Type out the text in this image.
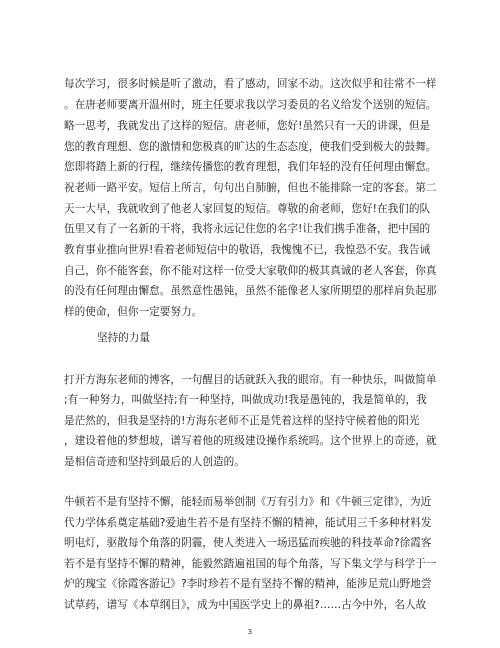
每次学习，很多时候是听了激动，看了感动，回家不动。这次似乎和往常不一样
。在唐老师要离开温州时，班主任要求我以学习委员的名义给发个送别的短信。
略一思考，我就发出了这样的短信。唐老师，您好!虽然只有一天的讲课，但是
您的教育理想、您的激情和您极真的旷达的生态态度，使我们受到极大的鼓舞。
您即将踏上新的行程，继续传播您的教育理想，我们年轻的没有任何理由懈怠。
祝老师一路平安。短信上所言，句句出自肺腑，但也不能排除一定的客套。第二
天一大早，我就收到了他老人家回复的短信。尊敬的俞老师，您好!在我们的队
伍里又有了一名新的干将，我将永远记住您的名字!让我们携手准备，把中国的
教育事业推向世界!看着老师短信中的敬语，我愧愧不已，我惶恐不安。我告诫
自己，你不能客套，你不能对这样一位受大家敬仰的极其真诚的老人客套，你真
的没有任何理由懈怠。虽然意性愚钝，虽然不能像老人家所期望的那样肩负起那
样的使命，但你一定要努力。
坚持的力量
打开方海东老师的博客，一句醒目的话就跃入我的眼帘。有一种快乐，叫做简单
;有一种努力，叫做坚持;有一种坚持，叫做成功!我是愚钝的，我是简单的，我
是茫然的，但我是坚持的!方海东老师不正是凭着这样的坚持守候着他的阳光
，建设着他的梦想坡，谱写着他的班级建设操作系统吗。这个世界上的奇迹，就
是相信奇迹和坚持到最后的人创造的。
牛顿若不是有坚持不懈，能轻而易举创制《万有引力》和《牛顿三定律》，为近
代力学体系奠定基础?爱迪生若不是有坚持不懈的精神，能试用三千多种材料发
明电灯，驱散每个角落的阴霾，使人类进入一场迅猛而疾驰的科技革命?徐霞客
若不是有坚持不懈的精神，能毅然踏遍祖国的每个角落，写下集文学与科学于一
炉的瑰宝《徐霞客游记》?李时珍若不是有坚持不懈的精神，能涉足荒山野地尝
试草药，谱写《本草纲目》，成为中国医学史上的鼻祖?……古今中外，名人故
3
